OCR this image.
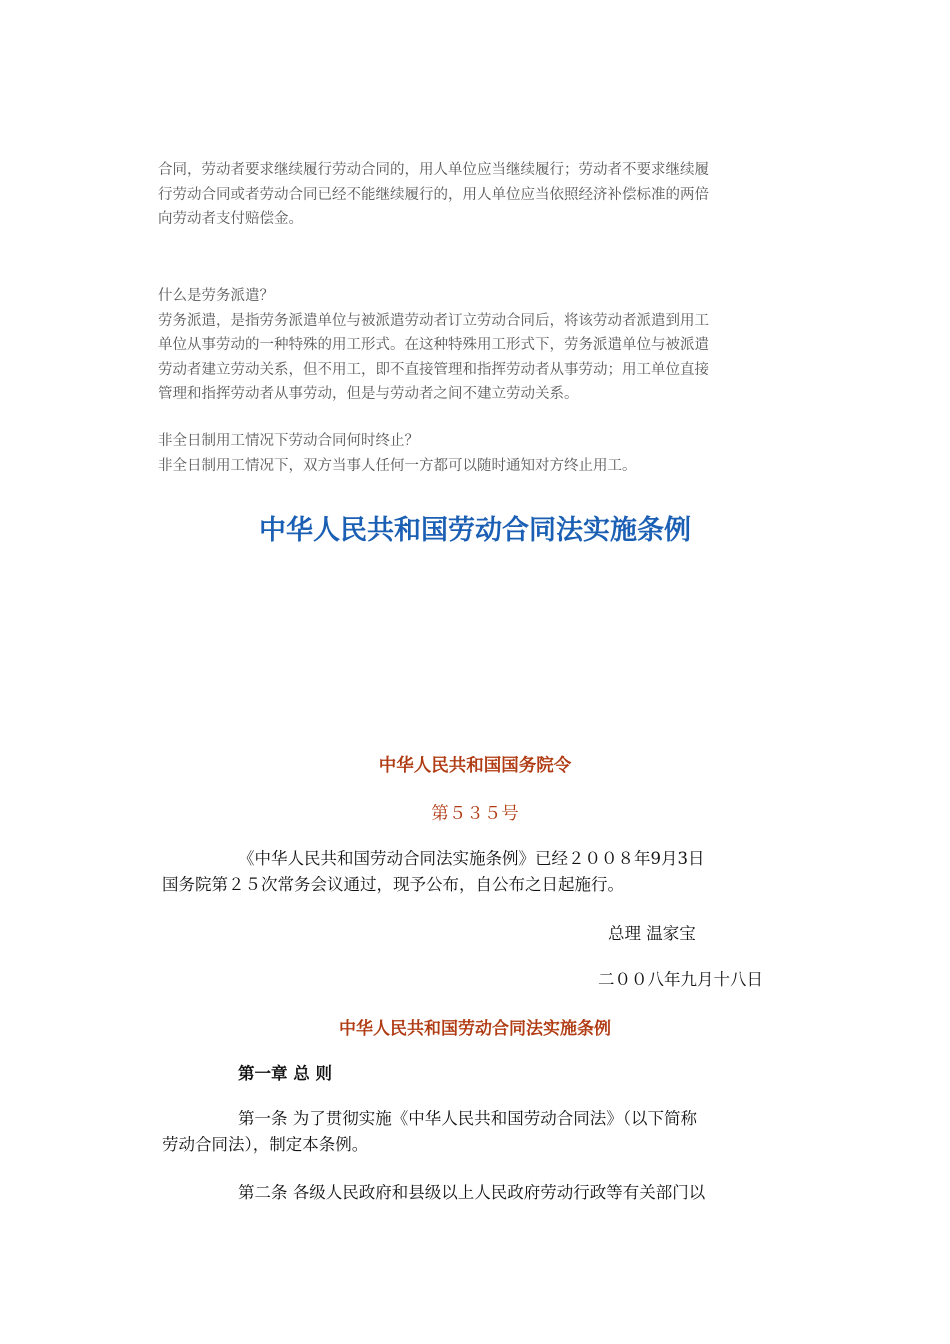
合同，劳动者要求继续履行劳动合同的，用人单位应当继续履行；劳动者不要求继续履

行劳动合同或者劳动合同已经不能继续履行的，用人单位应当依照经济补偿标准的两倍

向劳动者支付赔偿金。

什么是劳务派遣？

劳务派遣，是指劳务派遣单位与被派遣劳动者订立劳动合同后，将该劳动者派遣到用工

单位从事劳动的一种特殊的用工形式。在这种特殊用工形式下，劳务派遣单位与被派遣

劳动者建立劳动关系，但不用工，即不直接管理和指挥劳动者从事劳动；用工单位直接

管理和指挥劳动者从事劳动，但是与劳动者之间不建立劳动关系。

非全日制用工情况下劳动合同何时终止？

非全日制用工情况下，双方当事人任何一方都可以随时通知对方终止用工。

中华人民共和国劳动合同法实施条例
中华人民共和国国务院令
第５３５号

《中华人民共和国劳动合同法实施条例》已经２００８年9月3日

国务院第２５次常务会议通过，现予公布，自公布之日起施行。

总理 温家宝
二００八年九月十八日
中华人民共和国劳动合同法实施条例
第一章 总 则

第一条 为了贯彻实施《中华人民共和国劳动合同法》（以下简称

劳动合同法），制定本条例。

第二条 各级人民政府和县级以上人民政府劳动行政等有关部门以
